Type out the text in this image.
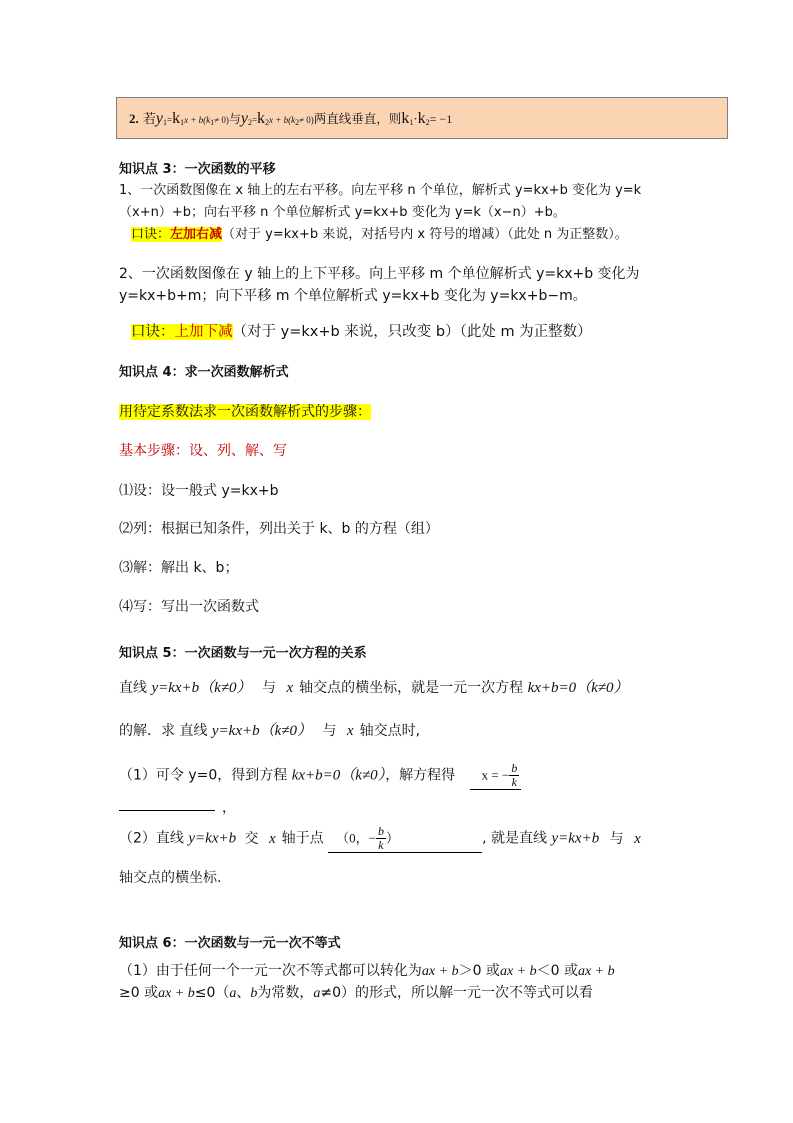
2. 若$y_1=k_1x + b(k_1\ne 0)$与$y_2=k_2x + b(k_2\ne 0)$两直线垂直，则$k_1\cdot k_2= -1$
知识点 3：一次函数的平移
1、一次函数图像在 x 轴上的左右平移。向左平移 n 个单位，解析式 y=kx+b 变化为 y=k
（x+n）+b；向右平移 n 个单位解析式 y=kx+b 变化为 y=k（x−n）+b。
口诀：左加右减（对于 y=kx+b 来说，对括号内 x 符号的增减）（此处 n 为正整数）。
2、一次函数图像在 y 轴上的上下平移。向上平移 m 个单位解析式 y=kx+b 变化为
y=kx+b+m；向下平移 m 个单位解析式 y=kx+b 变化为 y=kx+b−m。
口诀：上加下减（对于 y=kx+b 来说，只改变 b）（此处 m 为正整数）
知识点 4：求一次函数解析式
用待定系数法求一次函数解析式的步骤：
基本步骤：设、列、解、写
⑴设：设一般式 y=kx+b
⑵列：根据已知条件，列出关于 k、b 的方程（组）
⑶解：解出 k、b；
⑷写：写出一次函数式
知识点 5：一次函数与一元一次方程的关系
直线 y=kx+b（k≠0） 与 x 轴交点的横坐标，就是一元一次方程 kx+b=0（k≠0）
的解．求 直线 y=kx+b（k≠0） 与 x 轴交点时,
（1）可令 y=0，得到方程 kx+b=0（k≠0），解方程得 x = − $\frac{b}{k}$
，
（2）直线 y=kx+b 交 x 轴于点 （0，− $\frac{b}{k}$ ）	, 就是直线 y=kx+b 与 x
轴交点的横坐标.
知识点 6：一次函数与一元一次不等式
（1）由于任何一个一元一次不等式都可以转化为ax + b＞0 或ax + b＜0 或ax + b
≥0 或ax + b≤0（a、b为常数，a≠0）的形式，所以解一元一次不等式可以看
